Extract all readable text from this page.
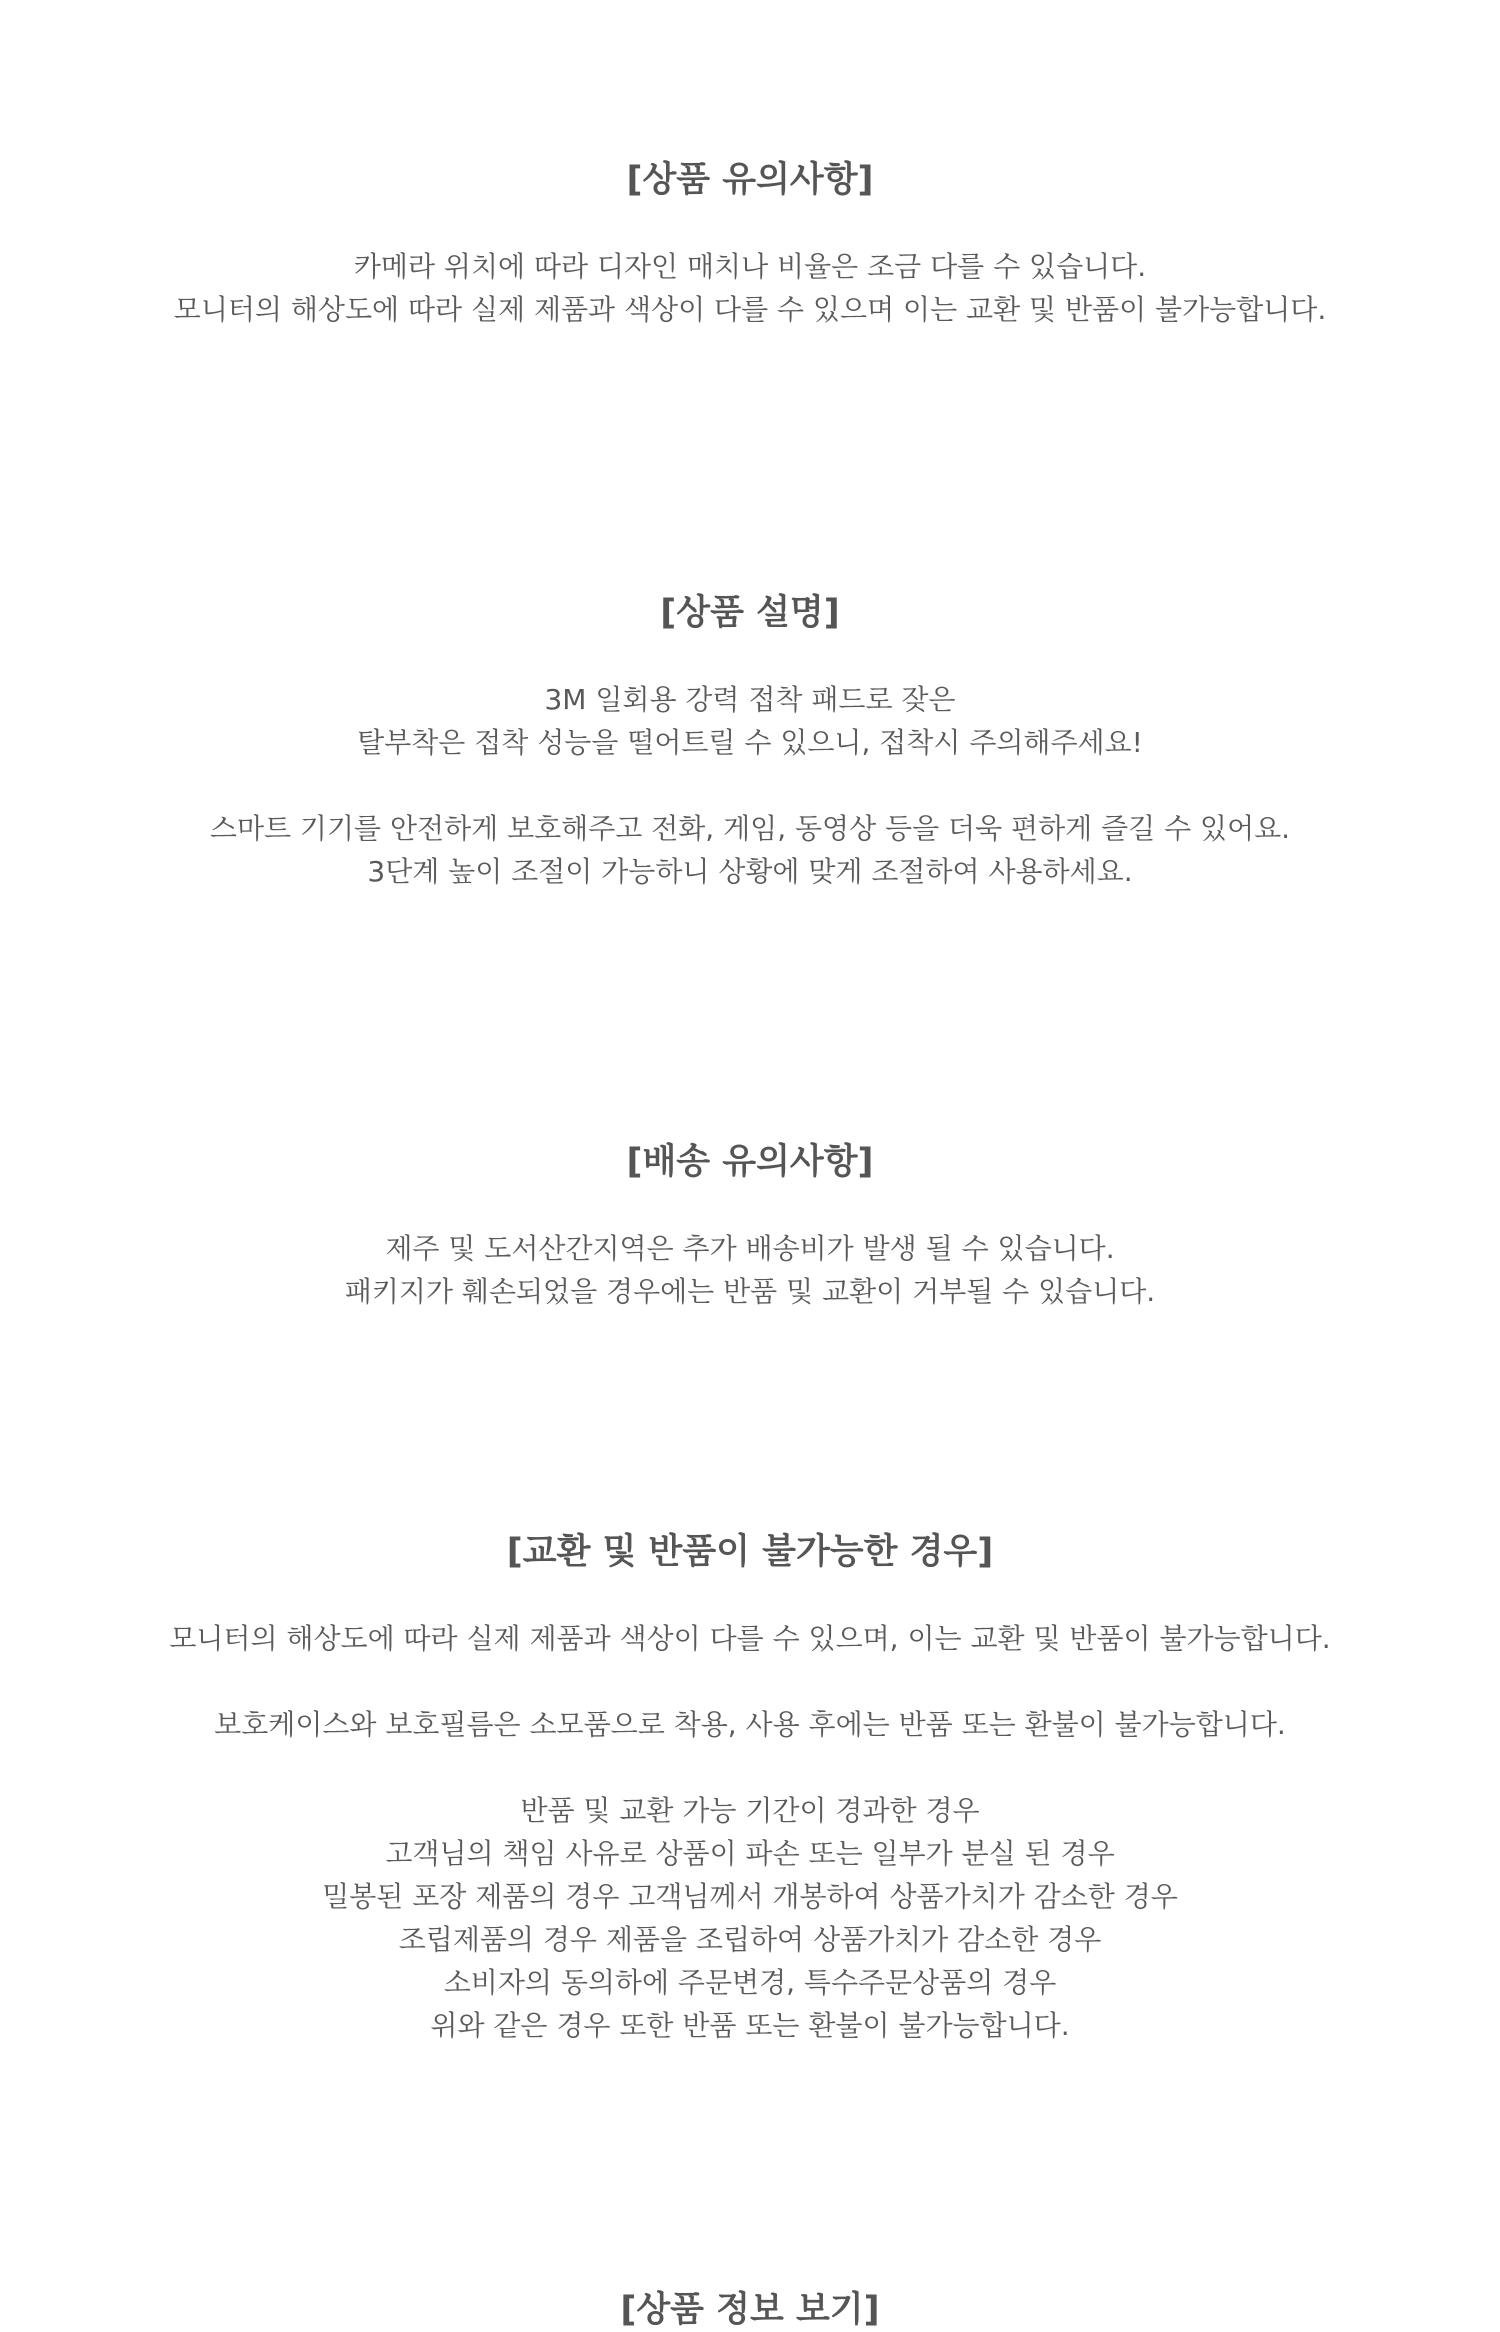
[상품 유의사항]

카메라 위치에 따라 디자인 매치나 비율은 조금 다를 수 있습니다.

모니터의 해상도에 따라 실제 제품과 색상이 다를 수 있으며 이는 교환 및 반품이 불가능합니다.

[상품 설명]

3M 일회용 강력 접착 패드로 잦은

탈부착은 접착 성능을 떨어트릴 수 있으니, 접착시 주의해주세요!

스마트 기기를 안전하게 보호해주고 전화, 게임, 동영상 등을 더욱 편하게 즐길 수 있어요.

3단계 높이 조절이 가능하니 상황에 맞게 조절하여 사용하세요.

[배송 유의사항]

제주 및 도서산간지역은 추가 배송비가 발생 될 수 있습니다.

패키지가 훼손되었을 경우에는 반품 및 교환이 거부될 수 있습니다.

[교환 및 반품이 불가능한 경우]

모니터의 해상도에 따라 실제 제품과 색상이 다를 수 있으며, 이는 교환 및 반품이 불가능합니다.

보호케이스와 보호필름은 소모품으로 착용, 사용 후에는 반품 또는 환불이 불가능합니다.

반품 및 교환 가능 기간이 경과한 경우

고객님의 책임 사유로 상품이 파손 또는 일부가 분실 된 경우

밀봉된 포장 제품의 경우 고객님께서 개봉하여 상품가치가 감소한 경우

조립제품의 경우 제품을 조립하여 상품가치가 감소한 경우

소비자의 동의하에 주문변경, 특수주문상품의 경우

위와 같은 경우 또한 반품 또는 환불이 불가능합니다.

[상품 정보 보기]
